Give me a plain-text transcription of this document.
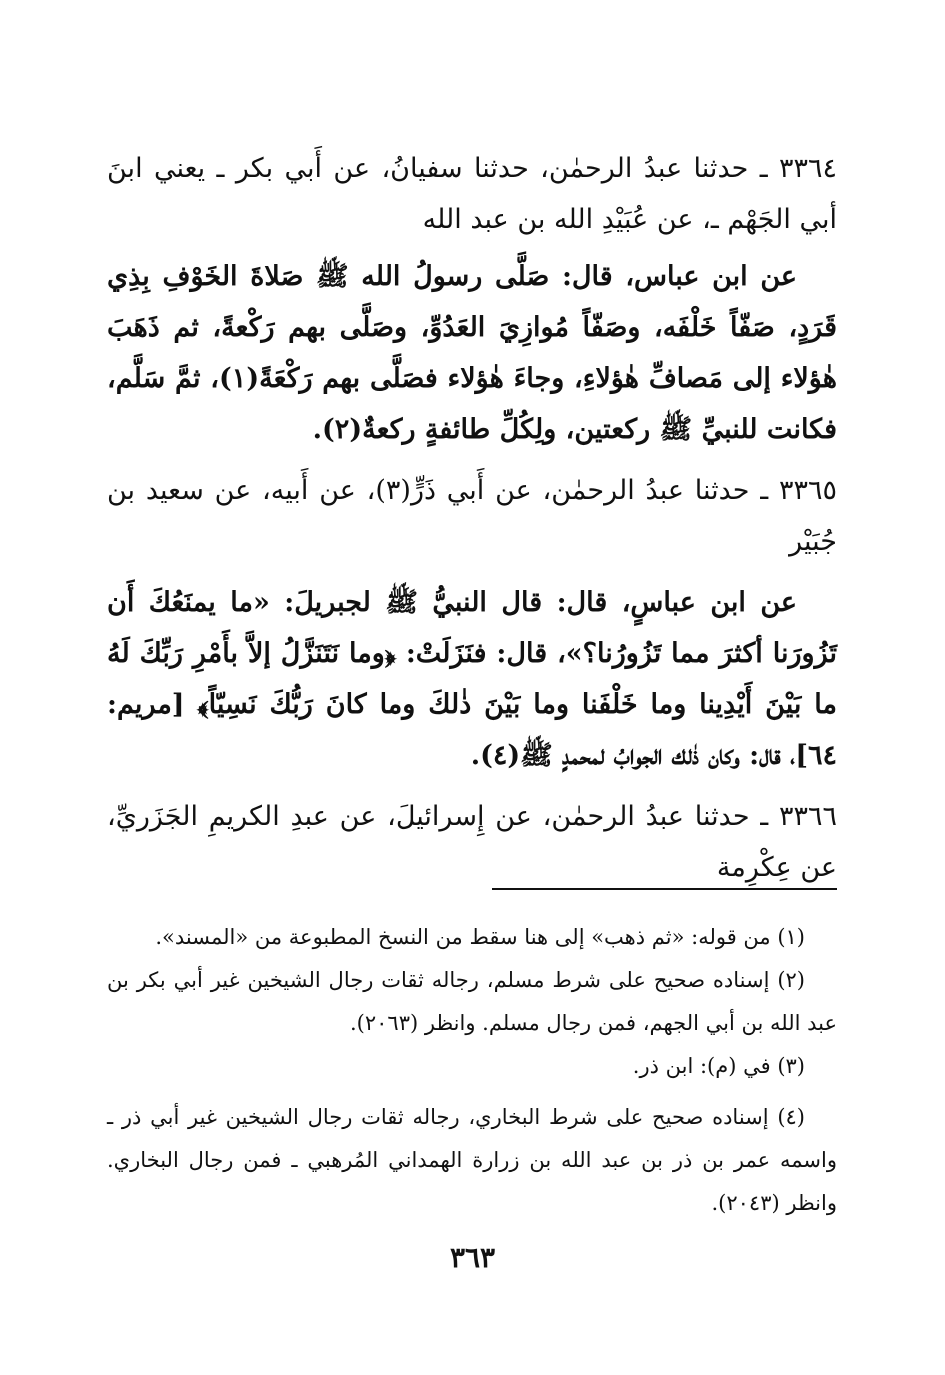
٣٣٦٤ ـ حدثنا عبدُ الرحمٰن، حدثنا سفيانُ، عن أَبي بكر ـ يعني ابنَ أبي الجَهْم ـ، عن عُبَيْدِ الله بن عبد الله
عن ابن عباس، قال: صَلَّى رسولُ الله ﷺ صَلاةَ الخَوْفِ بِذِي قَرَدٍ، صَفّاً خَلْفَه، وصَفّاً مُوازِيَ العَدُوِّ، وصَلَّى بهم رَكْعةً، ثم ذَهَبَ هٰؤلاء إلى مَصافِّ هٰؤلاءِ، وجاءَ هٰؤلاء فصَلَّى بهم رَكْعَةً(١)، ثمَّ سَلَّم، فكانت للنبيِّ ﷺ ركعتين، ولِكُلِّ طائفةٍ ركعةٌ(٢).
٣٣٦٥ ـ حدثنا عبدُ الرحمٰن، عن أَبي ذَرٍّ(٣)، عن أَبيه، عن سعيد بن جُبَيْر
عن ابن عباسٍ، قال: قال النبيُّ ﷺ لجبريلَ: «ما يمنَعُكَ أَن تَزُورَنا أكثرَ مما تَزُورُنا؟»، قال: فنَزَلَتْ: ﴿وما نَتَنَزَّلُ إلاَّ بأَمْرِ رَبِّكَ لَهُ ما بَيْنَ أَيْدِينا وما خَلْفَنا وما بَيْنَ ذٰلكَ وما كانَ رَبُّكَ نَسِيّاً﴾ [مريم: ٦٤]، قال: وكان ذٰلك الجوابُ لمحمدٍ ﷺ(٤).
٣٣٦٦ ـ حدثنا عبدُ الرحمٰن، عن إِسرائيلَ، عن عبدِ الكريمِ الجَزَريِّ، عن عِكْرِمة

(١) من قوله: «ثم ذهب» إلى هنا سقط من النسخ المطبوعة من «المسند».

(٢) إسناده صحيح على شرط مسلم، رجاله ثقات رجال الشيخين غير أبي بكر بن عبد الله بن أبي الجهم، فمن رجال مسلم. وانظر (٢٠٦٣).

(٣) في (م): ابن ذر.

(٤) إسناده صحيح على شرط البخاري، رجاله ثقات رجال الشيخين غير أبي ذر ـ واسمه عمر بن ذر بن عبد الله بن زرارة الهمداني المُرهبي ـ فمن رجال البخاري. وانظر (٢٠٤٣).

٣٦٣
